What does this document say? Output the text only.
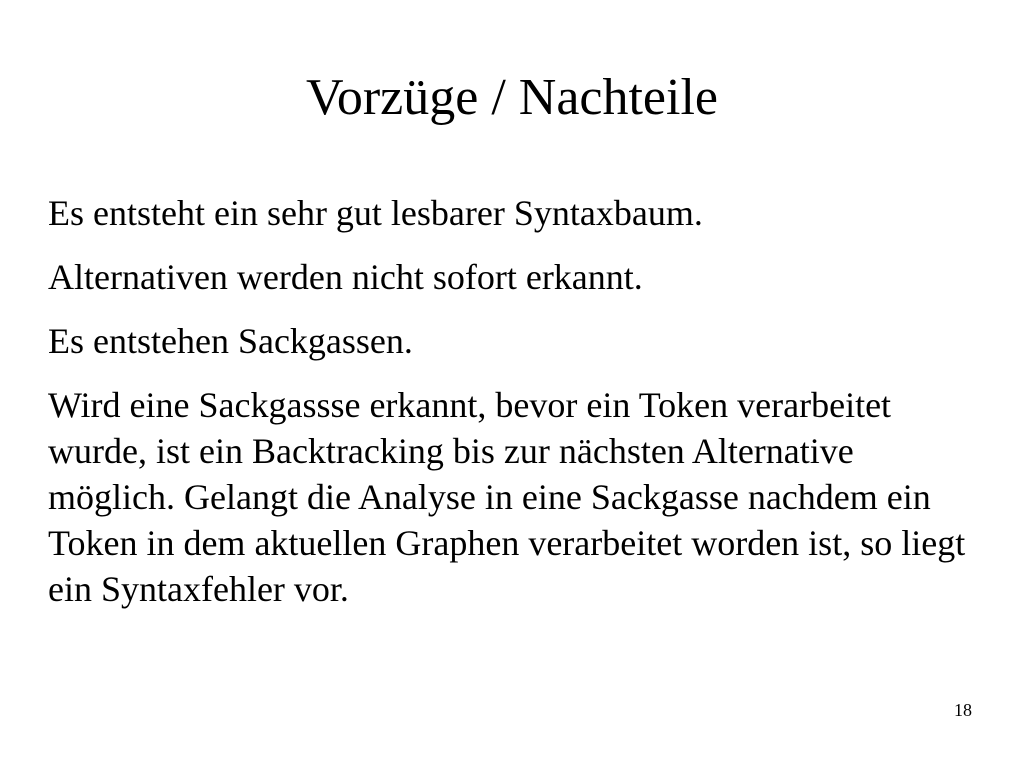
Vorzüge / Nachteile

Es entsteht ein sehr gut lesbarer Syntaxbaum.

Alternativen werden nicht sofort erkannt.

Es entstehen Sackgassen.

Wird eine Sackgassse erkannt, bevor ein Token verarbeitet wurde, ist ein Backtracking bis zur nächsten Alternative möglich. Gelangt die Analyse in eine Sackgasse nachdem ein Token in dem aktuellen Graphen verarbeitet worden ist, so liegt ein Syntaxfehler vor.

18
